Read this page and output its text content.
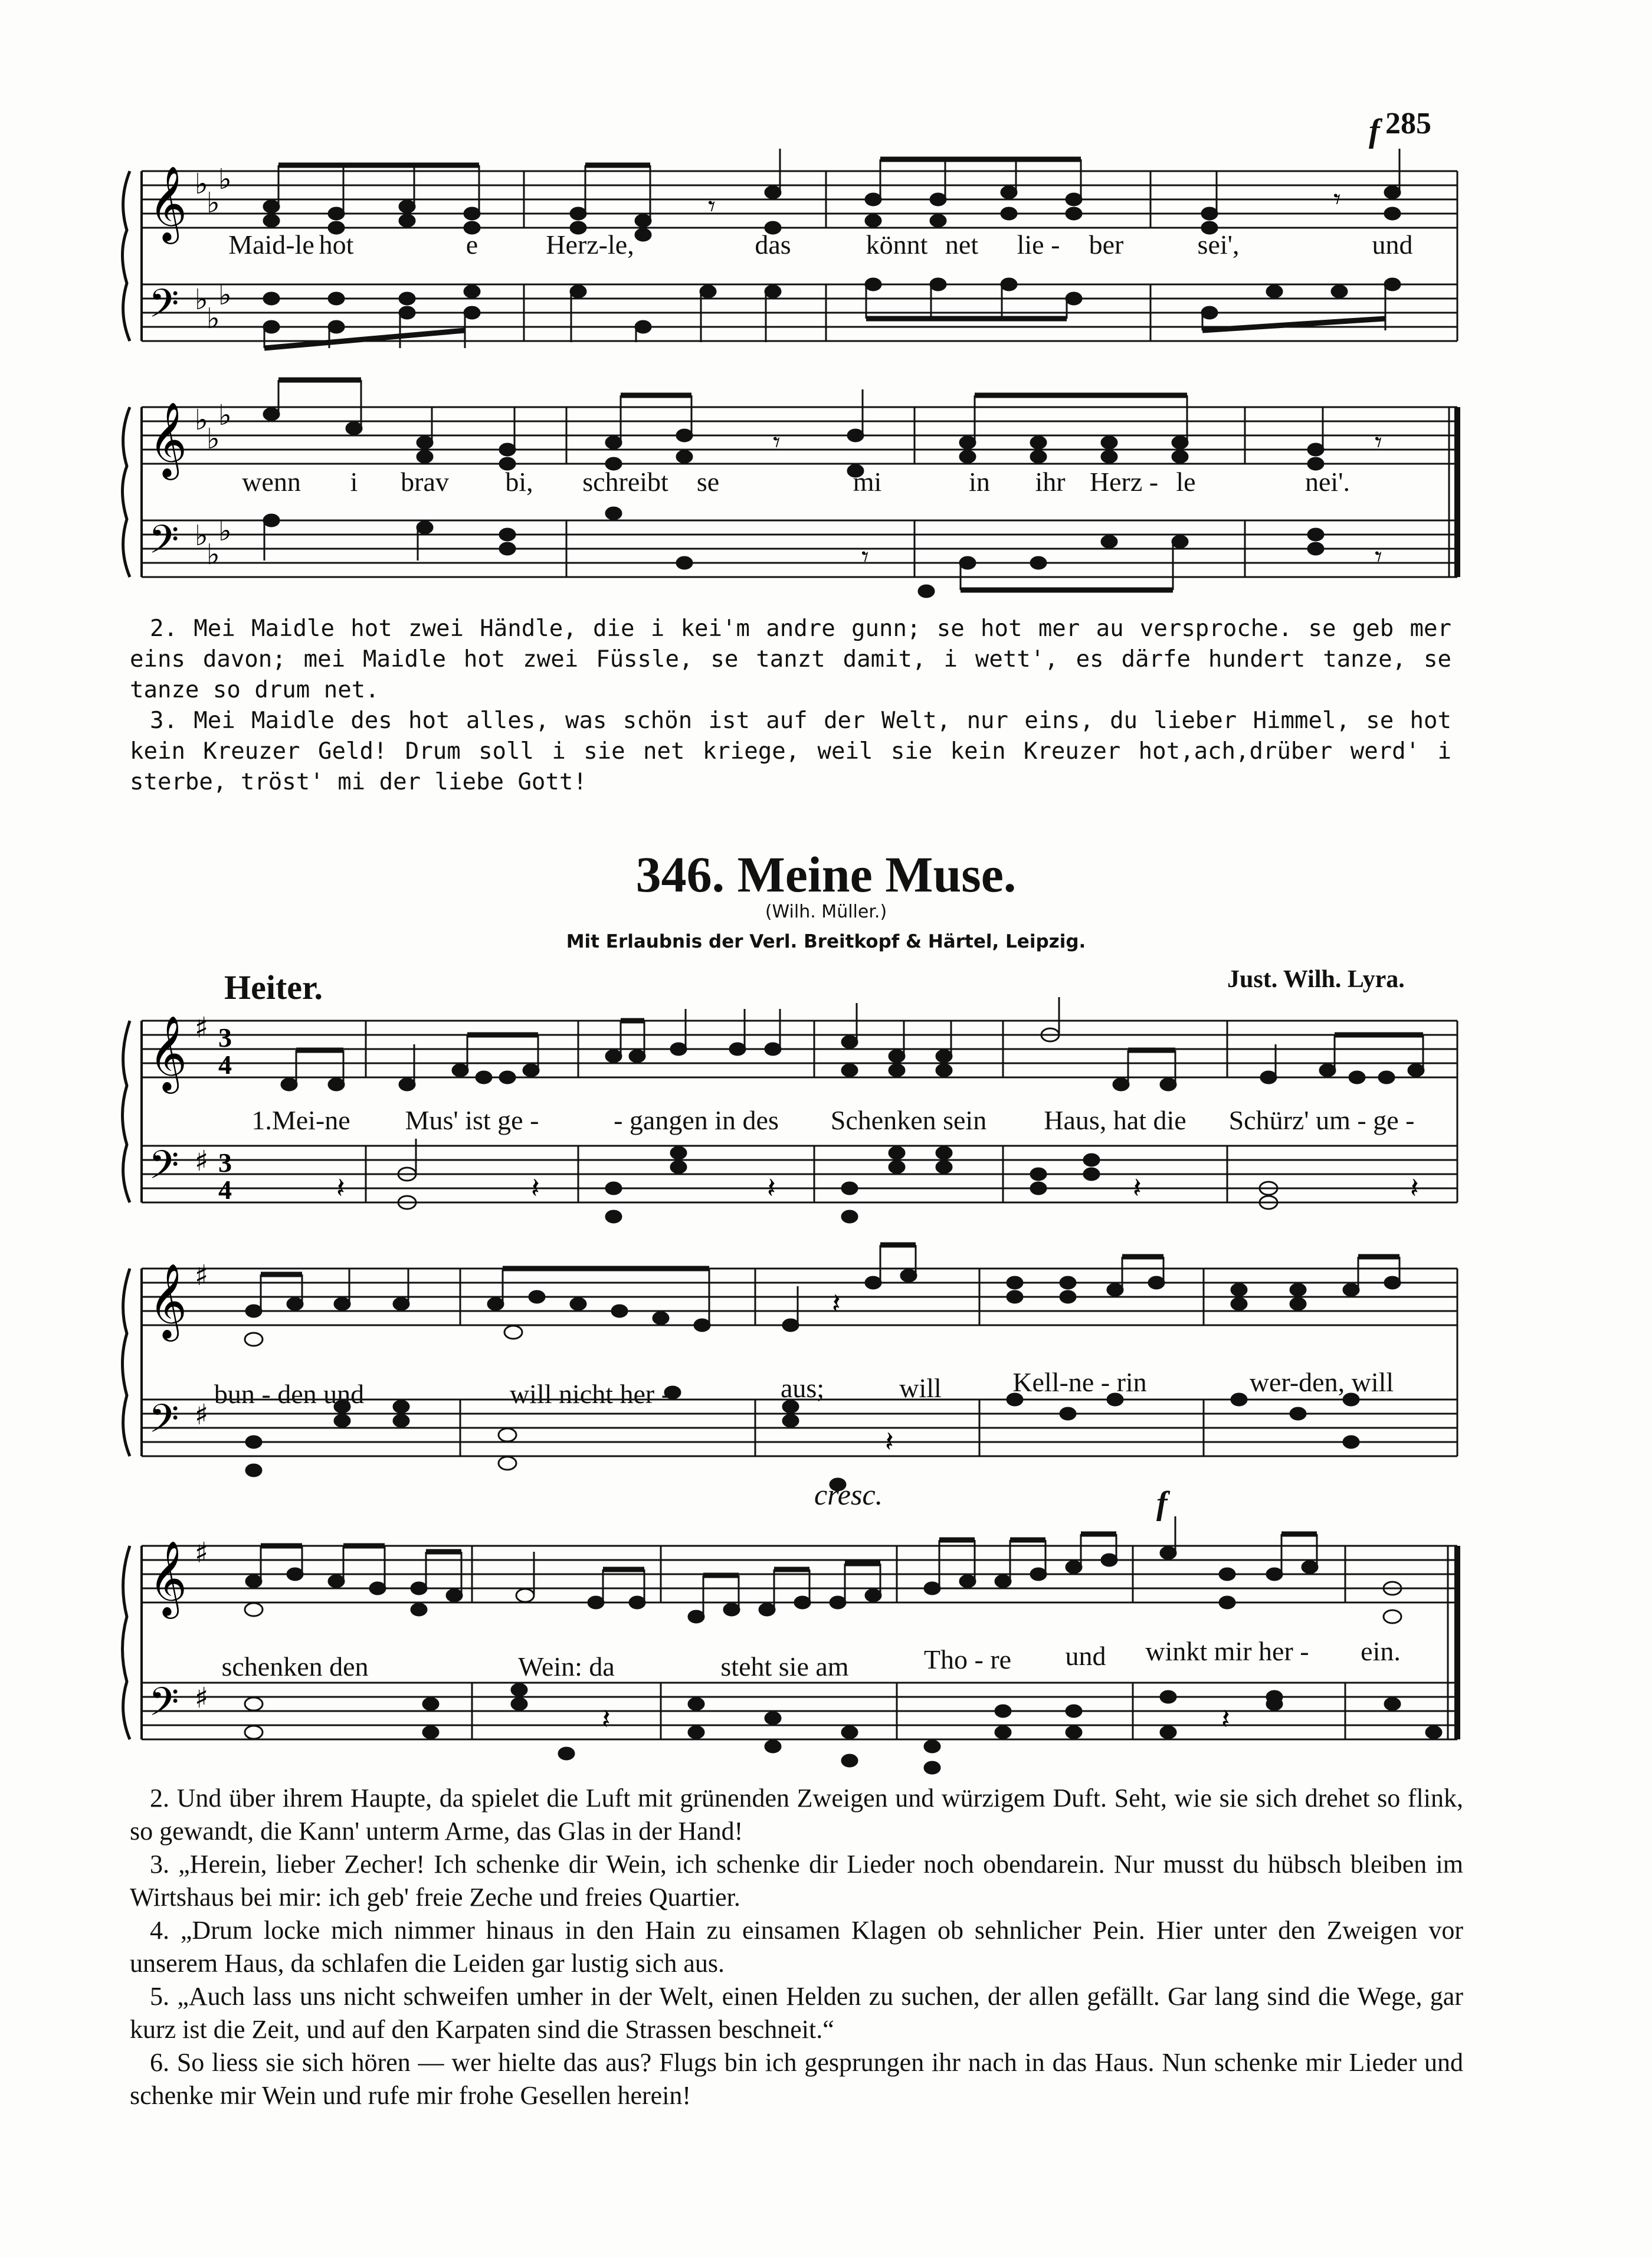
285
𝄞
𝄢
♭
♭
♭
♭
♭
♭
𝄾	𝄾
f
Maid-le hot	e	Herz-le,	das	könnt net lie - ber	sei',	und
𝄞
𝄢
♭
♭
♭
♭
♭
♭
𝄾
𝄾
𝄾
𝄾
wenn i brav bi, schreibt se	mi	in ihr Herz - le	nei'.

2. Mei Maidle hot zwei Händle, die i kei'm andre gunn; se hot mer au versproche. se geb mer eins davon; mei Maidle hot zwei Füssle, se tanzt damit, i wett', es därfe hundert tanze, se tanze so drum net.

3. Mei Maidle des hot alles, was schön ist auf der Welt, nur eins, du lieber Himmel, se hot kein Kreuzer Geld! Drum soll i sie net kriege, weil sie kein Kreuzer hot,ach,drüber werd' i sterbe, tröst' mi der liebe Gott!

346. Meine Muse.
(Wilh. Müller.)
Mit Erlaubnis der Verl. Breitkopf & Härtel, Leipzig.
Heiter.	Just. Wilh. Lyra.
𝄞
𝄢
♯
♯
3
4
3
4	𝄽	𝄽	𝄽	𝄽	𝄽
1.Mei-ne Mus' ist ge -	- gangen in des Schenken sein Haus, hat die Schürz' um - ge -
𝄞
𝄢
♯
♯
𝄽
𝄽
bun - den und	will nicht her -	aus;	will	Kell-ne - rin	wer-den, will
𝄞
𝄢
♯
♯
𝄽	𝄽
cresc.	f
schenken den	Wein: da	steht sie am	Tho - re und winkt mir her - ein.

2. Und über ihrem Haupte, da spielet die Luft mit grünenden Zweigen und würzigem Duft. Seht, wie sie sich drehet so flink, so gewandt, die Kann' unterm Arme, das Glas in der Hand!

3. „Herein, lieber Zecher! Ich schenke dir Wein, ich schenke dir Lieder noch obendarein. Nur musst du hübsch bleiben im Wirtshaus bei mir: ich geb' freie Zeche und freies Quartier.

4. „Drum locke mich nimmer hinaus in den Hain zu einsamen Klagen ob sehnlicher Pein. Hier unter den Zweigen vor unserem Haus, da schlafen die Leiden gar lustig sich aus.

5. „Auch lass uns nicht schweifen umher in der Welt, einen Helden zu suchen, der allen gefällt. Gar lang sind die Wege, gar kurz ist die Zeit, und auf den Karpaten sind die Strassen beschneit.“

6. So liess sie sich hören — wer hielte das aus? Flugs bin ich gesprungen ihr nach in das Haus. Nun schenke mir Lieder und schenke mir Wein und rufe mir frohe Gesellen herein!
